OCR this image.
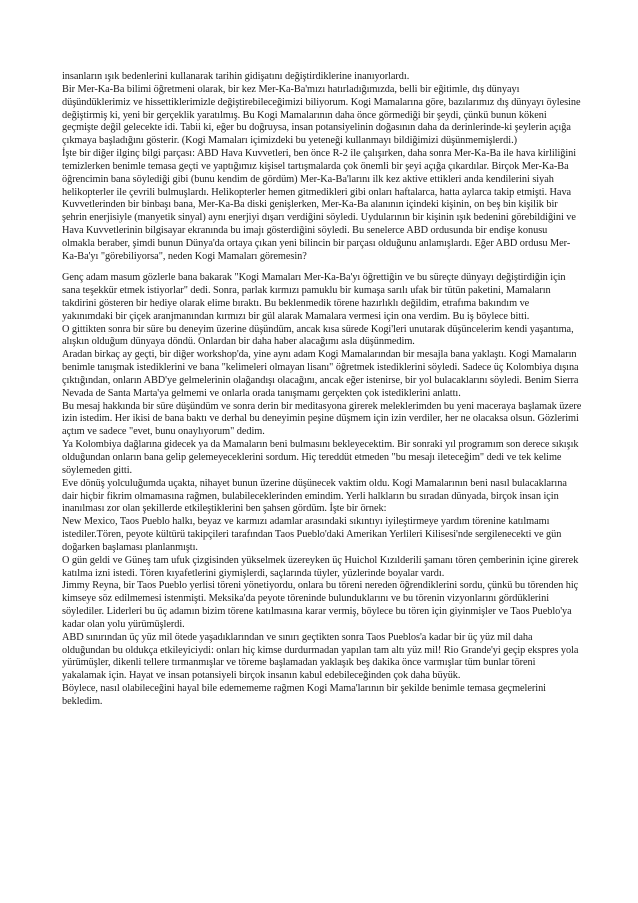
insanların ışık bedenlerini kullanarak tarihin gidişatını değiştirdiklerine inanıyorlardı.

Bir Mer-Ka-Ba bilimi öğretmeni olarak, bir kez Mer-Ka-Ba'mızı hatırladığımızda, belli bir eğitimle, dış dünyayı düşündüklerimiz ve hissettiklerimizle değiştirebileceğimizi biliyorum. Kogi Mamalarına göre, bazılarımız dış dünyayı öylesine değiştirmiş ki, yeni bir gerçeklik yaratılmış. Bu Kogi Mamalarının daha önce görmediği bir şeydi, çünkü bunun kökeni geçmişte değil gelecekte idi. Tabii ki, eğer bu doğruysa, insan potansiyelinin doğasının daha da derinlerinde-ki şeylerin açığa çıkmaya başladığını gösterir. (Kogi Mamaları içimizdeki bu yeteneği kullanmayı bildiğimizi düşünmemişlerdi.)

İşte bir diğer ilginç bilgi parçası: ABD Hava Kuvvetleri, ben önce R-2 ile çalışırken, daha sonra Mer-Ka-Ba ile hava kirliliğini temizlerken benimle temasa geçti ve yaptığımız kişisel tartışmalarda çok önemli bir şeyi açığa çıkardılar. Birçok Mer-Ka-Ba öğrencimin bana söylediği gibi (bunu kendim de gördüm) Mer-Ka-Ba'larını ilk kez aktive ettikleri anda kendilerini siyah helikopterler ile çevrili bulmuşlardı. Helikopterler hemen gitmedikleri gibi onları haftalarca, hatta aylarca takip etmişti. Hava Kuvvetlerinden bir binbaşı bana, Mer-Ka-Ba diski genişlerken, Mer-Ka-Ba alanının içindeki kişinin, on beş bin kişilik bir şehrin enerjisiyle (manyetik sinyal) aynı enerjiyi dışarı verdiğini söyledi. Uydularının bir kişinin ışık bedenini görebildiğini ve Hava Kuvvetlerinin bilgisayar ekranında bu imajı gösterdiğini söyledi. Bu senelerce ABD ordusunda bir endişe konusu olmakla beraber, şimdi bunun Dünya'da ortaya çıkan yeni bilincin bir parçası olduğunu anlamışlardı. Eğer ABD ordusu Mer-Ka-Ba'yı "görebiliyorsa", neden Kogi Mamaları göremesin?

Genç adam masum gözlerle bana bakarak "Kogi Mamaları Mer-Ka-Ba'yı öğrettiğin ve bu süreçte dünyayı değiştirdiğin için sana teşekkür etmek istiyorlar" dedi. Sonra, parlak kırmızı pamuklu bir kumaşa sarılı ufak bir tütün paketini, Mamaların takdirini gösteren bir hediye olarak elime bıraktı. Bu beklenmedik törene hazırlıklı değildim, etrafıma bakındım ve yakınımdaki bir çiçek aranjmanından kırmızı bir gül alarak Mamalara vermesi için ona verdim. Bu iş böylece bitti.

O gittikten sonra bir süre bu deneyim üzerine düşündüm, ancak kısa sürede Kogi'leri unutarak düşüncelerim kendi yaşantıma, alışkın olduğum dünyaya döndü. Onlardan bir daha haber alacağımı asla düşünmedim.

Aradan birkaç ay geçti, bir diğer workshop'da, yine aynı adam Kogi Mamalarından bir mesajla bana yaklaştı. Kogi Mamaların benimle tanışmak istediklerini ve bana "kelimeleri olmayan lisanı" öğretmek istediklerini söyledi. Sadece üç Kolombiya dışına çıktığından, onların ABD'ye gelmelerinin olağandışı olacağını, ancak eğer istenirse, bir yol bulacaklarını söyledi. Benim Sierra Nevada de Santa Marta'ya gelmemi ve onlarla orada tanışmamı gerçekten çok istediklerini anlattı.

Bu mesaj hakkında bir süre düşündüm ve sonra derin bir meditasyona girerek meleklerimden bu yeni maceraya başlamak üzere izin istedim. Her ikisi de bana baktı ve derhal bu deneyimin peşine düşmem için izin verdiler, her ne olacaksa olsun. Gözlerimi açtım ve sadece "evet, bunu onaylıyorum" dedim.

Ya Kolombiya dağlarına gidecek ya da Mamaların beni bulmasını bekleyecektim. Bir sonraki yıl programım son derece sıkışık olduğundan onların bana gelip gelemeyeceklerini sordum. Hiç tereddüt etmeden "bu mesajı ileteceğim" dedi ve tek kelime söylemeden gitti.

Eve dönüş yolculuğumda uçakta, nihayet bunun üzerine düşünecek vaktim oldu. Kogi Mamalarının beni nasıl bulacaklarına dair hiçbir fikrim olmamasına rağmen, bulabileceklerinden emindim. Yerli halkların bu sıradan dünyada, birçok insan için inanılması zor olan şekillerde etkileştiklerini ben şahsen gördüm. İşte bir örnek:

New Mexico, Taos Pueblo halkı, beyaz ve karmızı adamlar arasındaki sıkıntıyı iyileştirmeye yardım törenine katılmamı istediler.Tören, peyote kültürü takipçileri tarafından Taos Pueblo'daki Amerikan Yerlileri Kilisesi'nde sergilenecekti ve gün doğarken başlaması planlanmıştı.

O gün geldi ve Güneş tam ufuk çizgisinden yükselmek üzereyken üç Huichol Kızılderili şamanı tören çemberinin içine girerek katılma izni istedi. Tören kıyafetlerini giymişlerdi, saçlarında tüyler, yüzlerinde boyalar vardı.

Jimmy Reyna, bir Taos Pueblo yerlisi töreni yönetiyordu, onlara bu töreni nereden öğrendiklerini sordu, çünkü bu törenden hiç kimseye söz edilmemesi istenmişti. Meksika'da peyote töreninde bulunduklarını ve bu törenin vizyonlarını gördüklerini söylediler. Liderleri bu üç adamın bizim törene katılmasına karar vermiş, böylece bu tören için giyinmişler ve Taos Pueblo'ya kadar olan yolu yürümüşlerdi.

ABD sınırından üç yüz mil ötede yaşadıklarından ve sınırı geçtikten sonra Taos Pueblos'a kadar bir üç yüz mil daha olduğundan bu oldukça etkileyiciydi: onları hiç kimse durdurmadan yapılan tam altı yüz mil! Rio Grande'yi geçip ekspres yola yürümüşler, dikenli tellere tırmanmışlar ve töreme başlamadan yaklaşık beş dakika önce varmışlar tüm bunlar töreni yakalamak için. Hayat ve insan potansiyeli birçok insanın kabul edebileceğinden çok daha büyük.

Böylece, nasıl olabileceğini hayal bile edemememe rağmen Kogi Mama'larının bir şekilde benimle temasa geçmelerini bekledim.
